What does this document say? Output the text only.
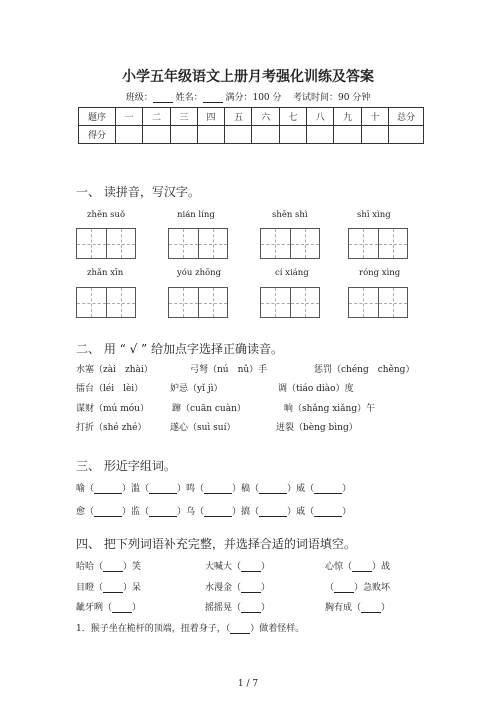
小学五年级语文上册月考强化训练及答案
班级：	姓名：	满分：100 分 考试时间：90 分钟
题序	一	二	三	四	五	六	七	八	九	十	总分
得分											
一、 读拼音，写汉字。
zhēn suǒ	nián líng	shēn shì	shī xìng
zhǎn xīn	yóu zhōng	cí xiáng	róng xìng
二、 用 “ √ ” 给加点字选择正确读音。
水塞（zài　zhài）	弓弩（nú　nǔ）手	惩罚（chéng　chěng）
擂台（léi　lèi）	妒忌（yǐ jì）	调（tiáo diào）度
谋财（mú móu）	蹿（cuān cuàn）	晌（shǎng xiǎng）午
打折（shé zhé）	遂心（suì suí）	迸裂（bèng bìng）
三、 形近字组词。
喻（	）滥（	）鸣（	）稿（	）威（	）
愈（	）监（	）乌（	）搞（	）戚（	）
四、 把下列词语补充完整，并选择合适的词语填空。
哈哈（ ）笑	大喊大（ ）	心惊（ ）战
目瞪（ ）呆	水漫金（ ）	（ ）急败坏
龇牙咧（ ）	摇摇晃（ ）	胸有成（ ）
1．猴子坐在桅杆的顶端，扭着身子，（ ）做着怪样。
1 / 7
